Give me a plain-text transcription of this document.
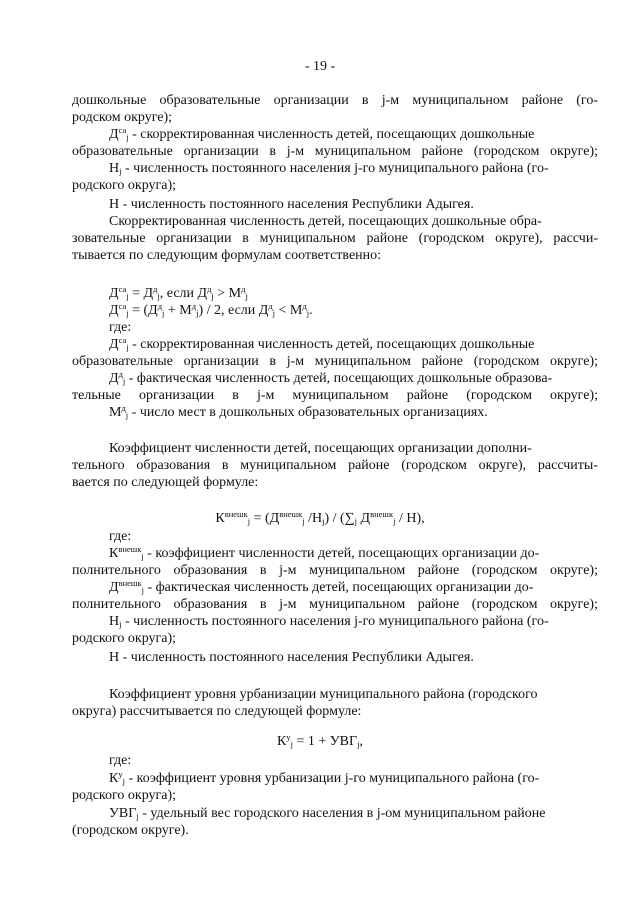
- 19 -
дошкольные образовательные организации в j-м муниципальном районе (го-
родском округе);
$Д^{са}_j$ - скорректированная численность детей, посещающих дошкольные
образовательные организации в j-м муниципальном районе (городском округе);
$Н_j$ - численность постоянного населения j-го муниципального района (го-
родского округа);
Н - численность постоянного населения Республики Адыгея.
Скорректированная численность детей, посещающих дошкольные обра-
зовательные организации в муниципальном районе (городском округе), рассчи-
тывается по следующим формулам соответственно:
$Д^{са}_j = Д^д_j$, если $Д^д_j > М^д_j$
$Д^{са}_j = (Д^д_j + М^д_j) / 2$, если $Д^д_j < М^д_j$.
где:
$Д^{са}_j$ - скорректированная численность детей, посещающих дошкольные
образовательные организации в j-м муниципальном районе (городском округе);
$Д^д_j$ - фактическая численность детей, посещающих дошкольные образова-
тельные организации в j-м муниципальном районе (городском округе);
$М^д_j$ - число мест в дошкольных образовательных организациях.
Коэффициент численности детей, посещающих организации дополни-
тельного образования в муниципальном районе (городском округе), рассчиты-
вается по следующей формуле:
$К^{внешк}_j = (Д^{внешк}_j$ $/Н_j) / (\sum_j$ $Д^{внешк}_j / Н$),
где:
$К^{внешк}_j$ - коэффициент численности детей, посещающих организации до-
полнительного образования в j-м муниципальном районе (городском округе);
$Д^{внешк}_j$ - фактическая численность детей, посещающих организации до-
полнительного образования в j-м муниципальном районе (городском округе);
$Н_j$ - численность постоянного населения j-го муниципального района (го-
родского округа);
Н - численность постоянного населения Республики Адыгея.
Коэффициент уровня урбанизации муниципального района (городского
округа) рассчитывается по следующей формуле:
$К^у_j = 1 + УВГ_j$,
где:
$К^у_j$ - коэффициент уровня урбанизации j-го муниципального района (го-
родского округа);
$УВГ_j$ - удельный вес городского населения в j-ом муниципальном районе
(городском округе).
